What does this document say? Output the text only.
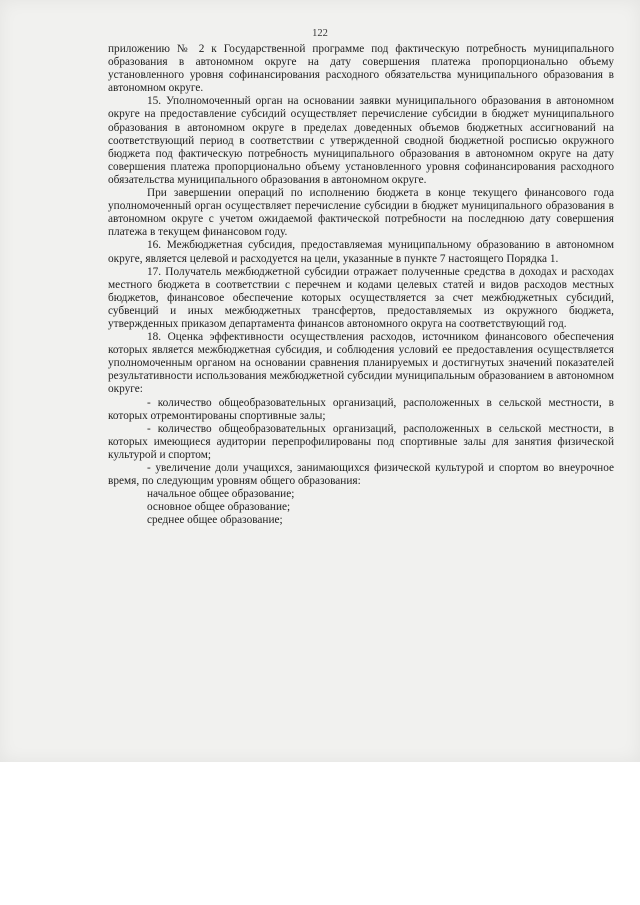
122

приложению № 2 к Государственной программе под фактическую потребность муниципального образования в автономном округе на дату совершения платежа пропорционально объему установленного уровня софинансирования расходного обязательства муниципального образования в автономном округе.

15. Уполномоченный орган на основании заявки муниципального образования в автономном округе на предоставление субсидий осуществляет перечисление субсидии в бюджет муниципального образования в автономном округе в пределах доведенных объемов бюджетных ассигнований на соответствующий период в соответствии с утвержденной сводной бюджетной росписью окружного бюджета под фактическую потребность муниципального образования в автономном округе на дату совершения платежа пропорционально объему установленного уровня софинансирования расходного обязательства муниципального образования в автономном округе.

При завершении операций по исполнению бюджета в конце текущего финансового года уполномоченный орган осуществляет перечисление субсидии в бюджет муниципального образования в автономном округе с учетом ожидаемой фактической потребности на последнюю дату совершения платежа в текущем финансовом году.

16. Межбюджетная субсидия, предоставляемая муниципальному образованию в автономном округе, является целевой и расходуется на цели, указанные в пункте 7 настоящего Порядка 1.

17. Получатель межбюджетной субсидии отражает полученные средства в доходах и расходах местного бюджета в соответствии с перечнем и кодами целевых статей и видов расходов местных бюджетов, финансовое обеспечение которых осуществляется за счет межбюджетных субсидий, субвенций и иных межбюджетных трансфертов, предоставляемых из окружного бюджета, утвержденных приказом департамента финансов автономного округа на соответствующий год.

18. Оценка эффективности осуществления расходов, источником финансового обеспечения которых является межбюджетная субсидия, и соблюдения условий ее предоставления осуществляется уполномоченным органом на основании сравнения планируемых и достигнутых значений показателей результативности использования межбюджетной субсидии муниципальным образованием в автономном округе:

- количество общеобразовательных организаций, расположенных в сельской местности, в которых отремонтированы спортивные залы;

- количество общеобразовательных организаций, расположенных в сельской местности, в которых имеющиеся аудитории перепрофилированы под спортивные залы для занятия физической культурой и спортом;

- увеличение доли учащихся, занимающихся физической культурой и спортом во внеурочное время, по следующим уровням общего образования:

начальное общее образование;

основное общее образование;

среднее общее образование;
